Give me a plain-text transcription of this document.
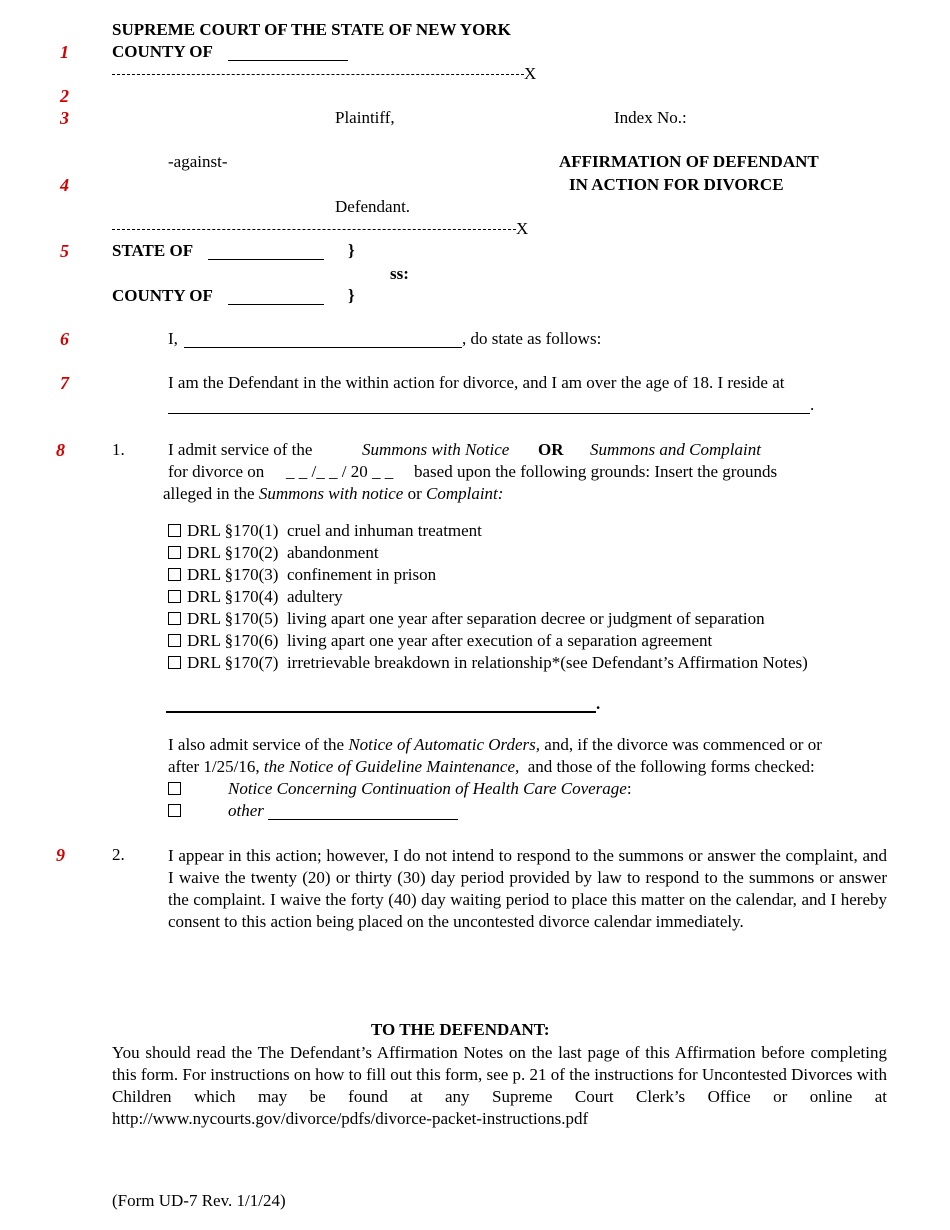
1
2
3
4
5
6
7
8
9
SUPREME COURT OF THE STATE OF NEW YORK
COUNTY OF
X
Plaintiff,	Index No.:
-against-	AFFIRMATION OF DEFENDANT
IN ACTION FOR DIVORCE
Defendant.
X
STATE OF	}
ss:
COUNTY OF	}
I,	, do state as follows:
I am the Defendant in the within action for divorce, and I am over the age of 18. I reside at
.
1.	I admit service of the	Summons with Notice OR Summons and Complaint
for divorce on _ _ /_ _ / 20 _ _ based upon the following grounds: Insert the grounds
alleged in the Summons with notice or Complaint:
DRL §170(1) cruel and inhuman treatment
DRL §170(2) abandonment
DRL §170(3) confinement in prison
DRL §170(4) adultery
DRL §170(5) living apart one year after separation decree or judgment of separation
DRL §170(6) living apart one year after execution of a separation agreement
DRL §170(7) irretrievable breakdown in relationship*(see Defendant’s Affirmation Notes)
.
I also admit service of the Notice of Automatic Orders, and, if the divorce was commenced or or
after 1/25/16, the Notice of Guideline Maintenance, and those of the following forms checked:
Notice Concerning Continuation of Health Care Coverage:
other
2.	I appear in this action; however, I do not intend to respond to the summons or answer the complaint, and I waive the twenty (20) or thirty (30) day period provided by law to respond to the summons or answer the complaint. I waive the forty (40) day waiting period to place this matter on the calendar, and I hereby consent to this action being placed on the uncontested divorce calendar immediately.
TO THE DEFENDANT:
You should read the The Defendant’s Affirmation Notes on the last page of this Affirmation before completing this form. For instructions on how to fill out this form, see p. 21 of the instructions for Uncontested Divorces with Children which may be found at any Supreme Court Clerk’s Office or online at http://www.nycourts.gov/divorce/pdfs/divorce-packet-instructions.pdf
(Form UD-7 Rev. 1/1/24)
